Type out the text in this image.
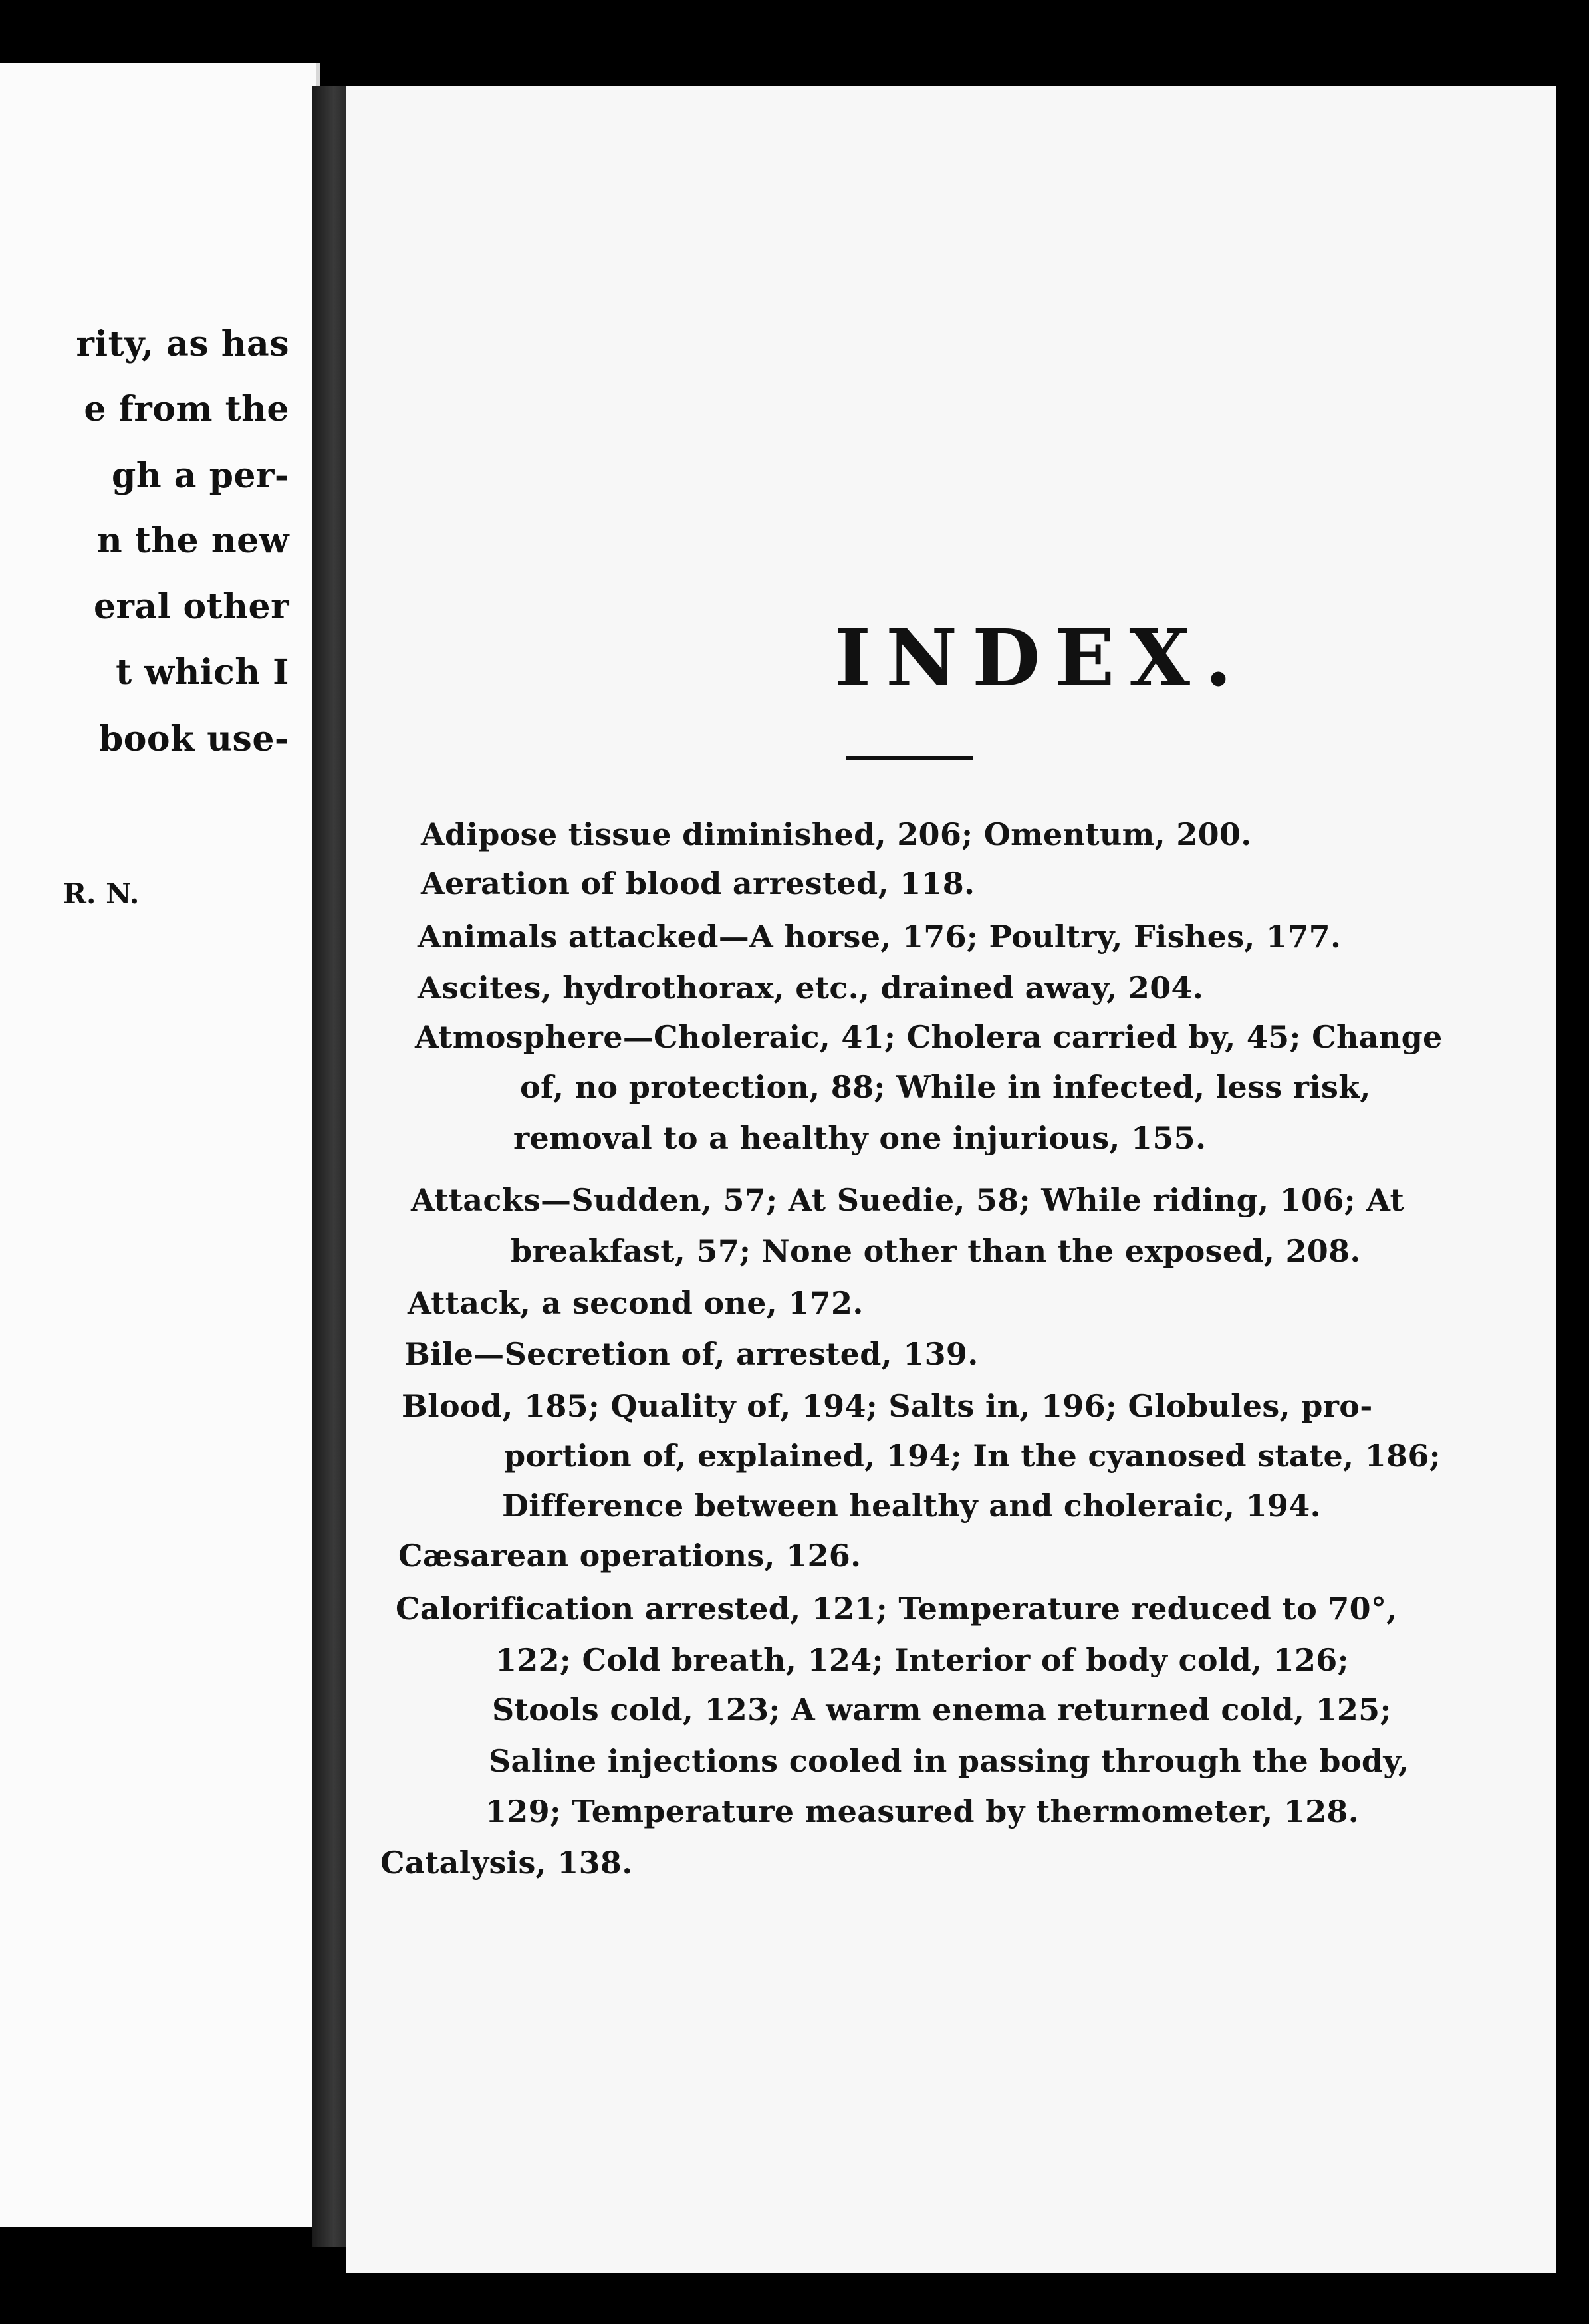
rity, as has
e from the
gh a per-
n the new
eral other
t which I
book use-
R. N.
INDEX.
Adipose tissue diminished, 206; Omentum, 200.
Aeration of blood arrested, 118.
Animals attacked—A horse, 176; Poultry, Fishes, 177.
Ascites, hydrothorax, etc., drained away, 204.
Atmosphere—Choleraic, 41; Cholera carried by, 45; Change
of, no protection, 88; While in infected, less risk,
removal to a healthy one injurious, 155.
Attacks—Sudden, 57; At Suedie, 58; While riding, 106; At
breakfast, 57; None other than the exposed, 208.
Attack, a second one, 172.
Bile—Secretion of, arrested, 139.
Blood, 185; Quality of, 194; Salts in, 196; Globules, pro-
portion of, explained, 194; In the cyanosed state, 186;
Difference between healthy and choleraic, 194.
Cæsarean operations, 126.
Calorification arrested, 121; Temperature reduced to 70°,
122; Cold breath, 124; Interior of body cold, 126;
Stools cold, 123; A warm enema returned cold, 125;
Saline injections cooled in passing through the body,
129; Temperature measured by thermometer, 128.
Catalysis, 138.
